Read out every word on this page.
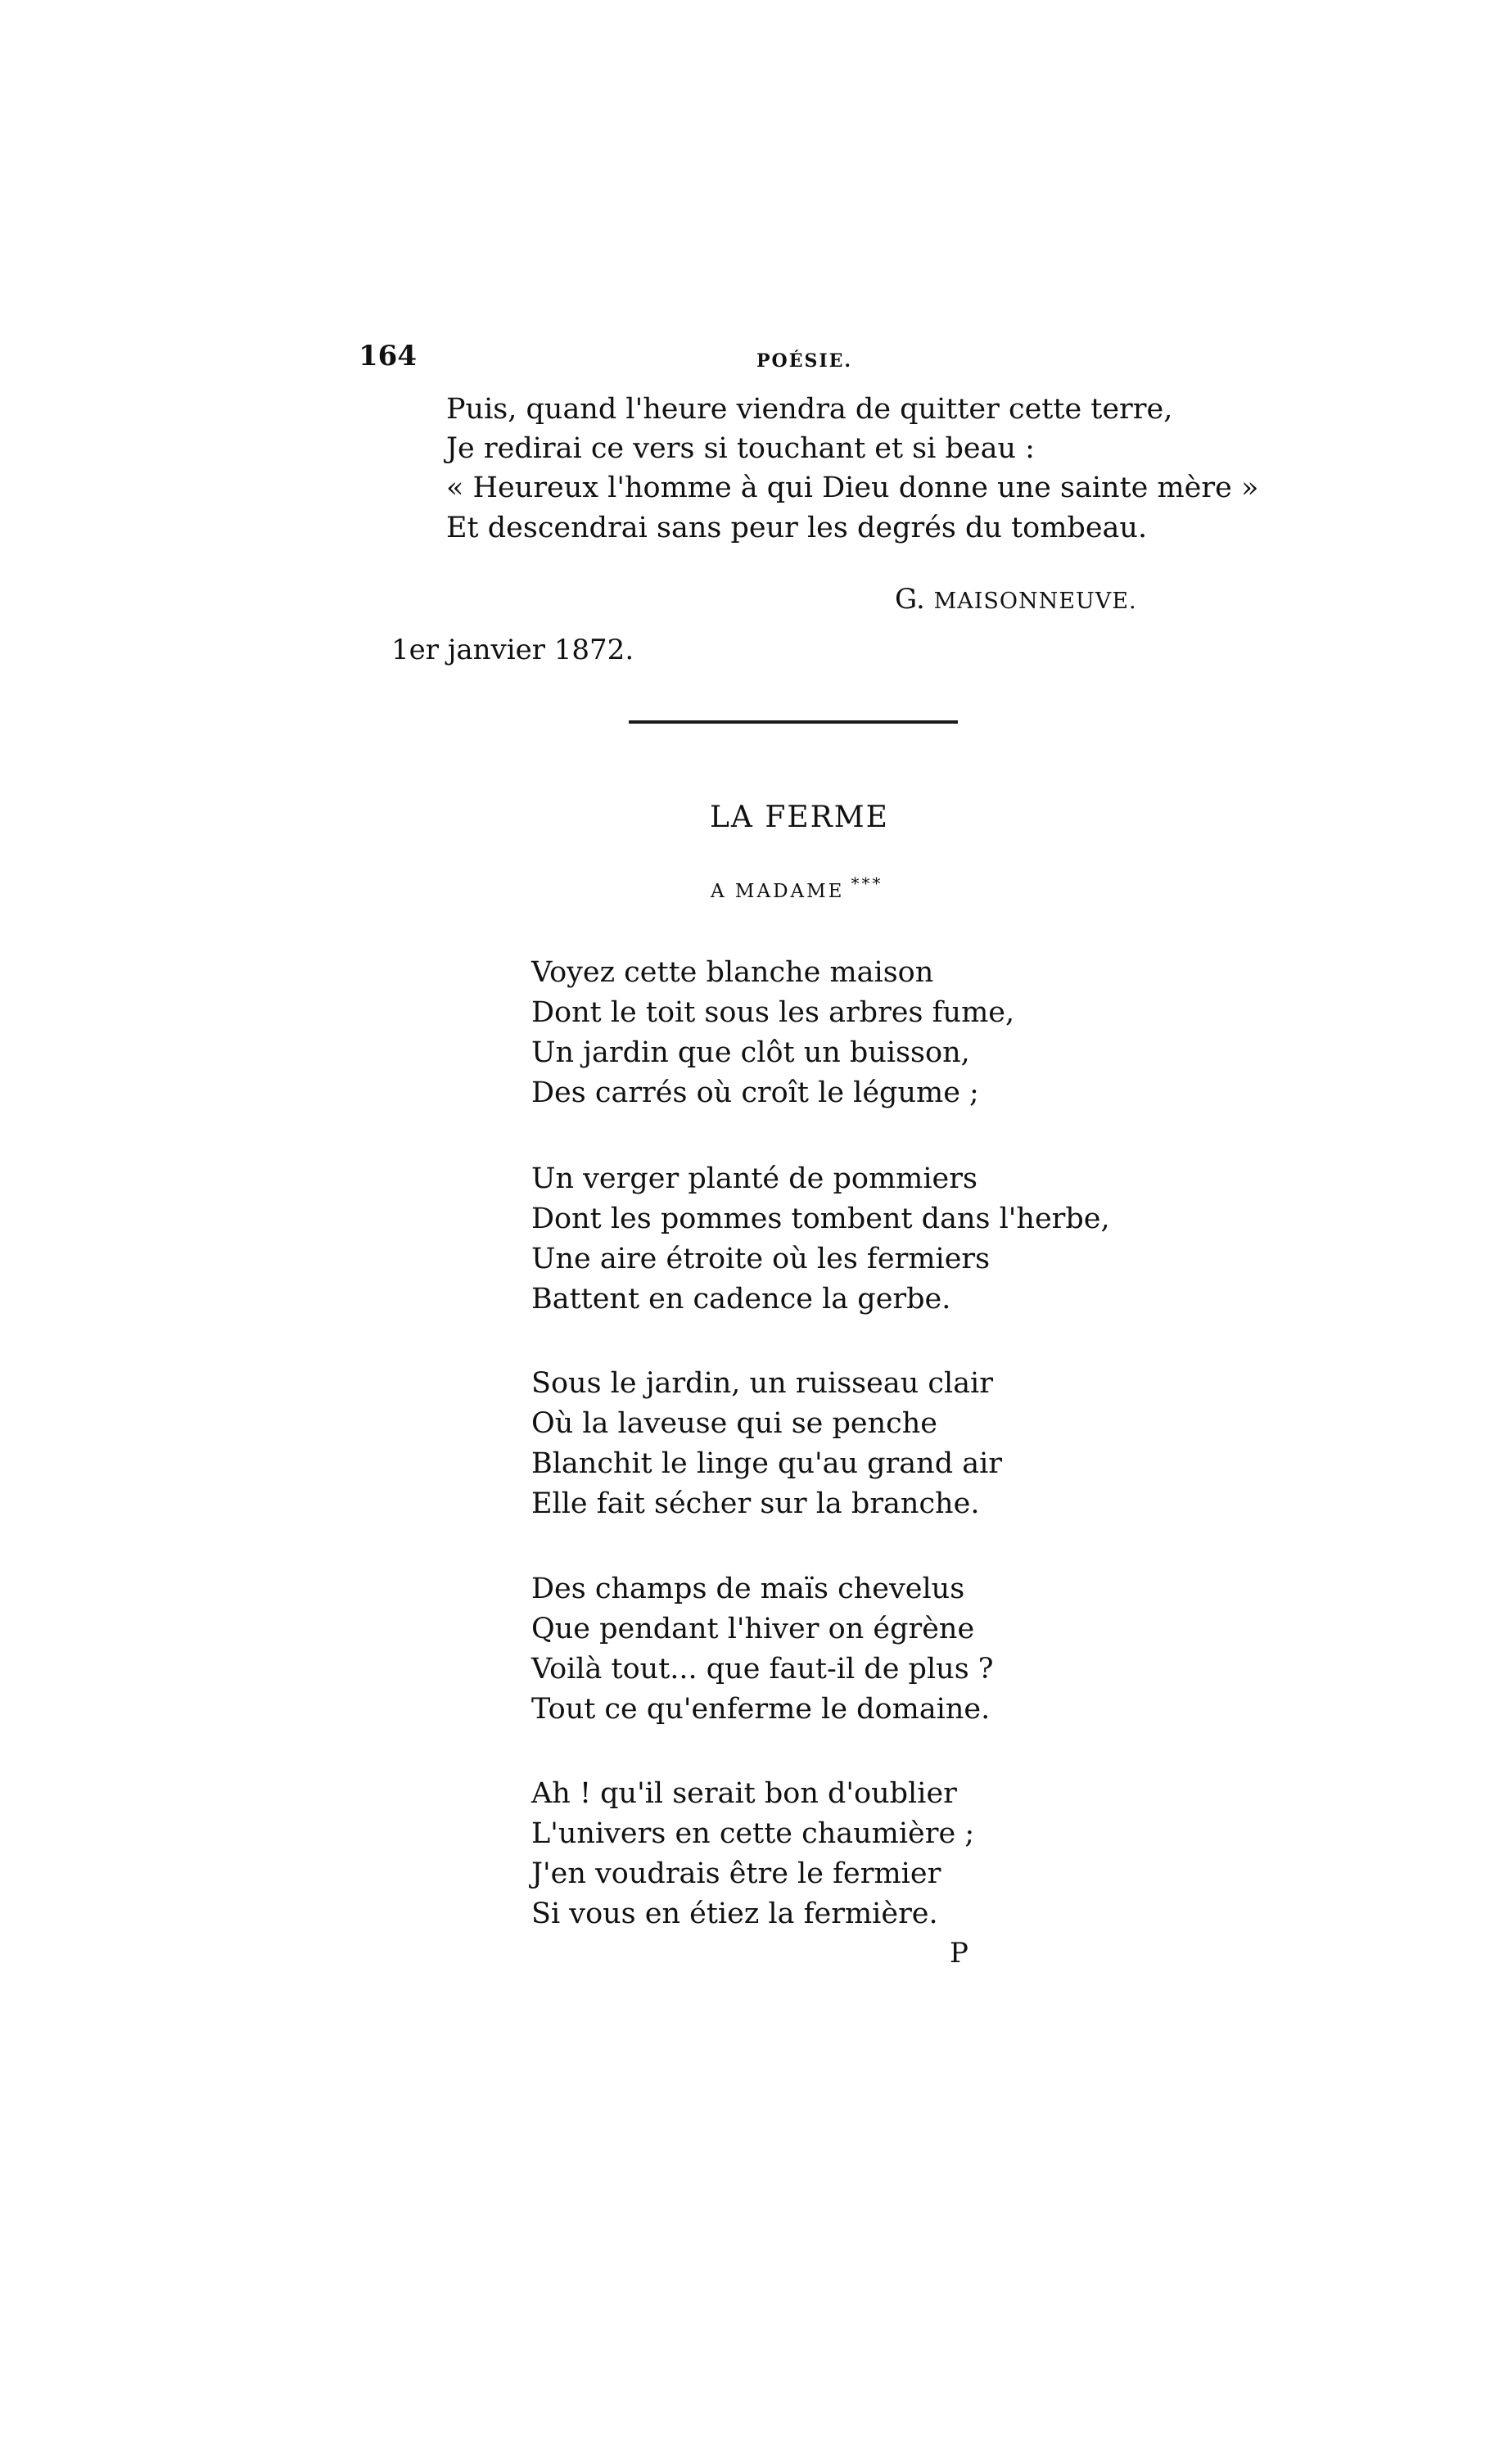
164	POÉSIE.
Puis, quand l'heure viendra de quitter cette terre,
Je redirai ce vers si touchant et si beau :
« Heureux l'homme à qui Dieu donne une sainte mère »
Et descendrai sans peur les degrés du tombeau.
G. MAISONNEUVE.
1er janvier 1872.
LA FERME
A MADAME ***
Voyez cette blanche maison
Dont le toit sous les arbres fume,
Un jardin que clôt un buisson,
Des carrés où croît le légume ;
Un verger planté de pommiers
Dont les pommes tombent dans l'herbe,
Une aire étroite où les fermiers
Battent en cadence la gerbe.
Sous le jardin, un ruisseau clair
Où la laveuse qui se penche
Blanchit le linge qu'au grand air
Elle fait sécher sur la branche.
Des champs de maïs chevelus
Que pendant l'hiver on égrène
Voilà tout... que faut-il de plus ?
Tout ce qu'enferme le domaine.
Ah ! qu'il serait bon d'oublier
L'univers en cette chaumière ;
J'en voudrais être le fermier
Si vous en étiez la fermière.
P
